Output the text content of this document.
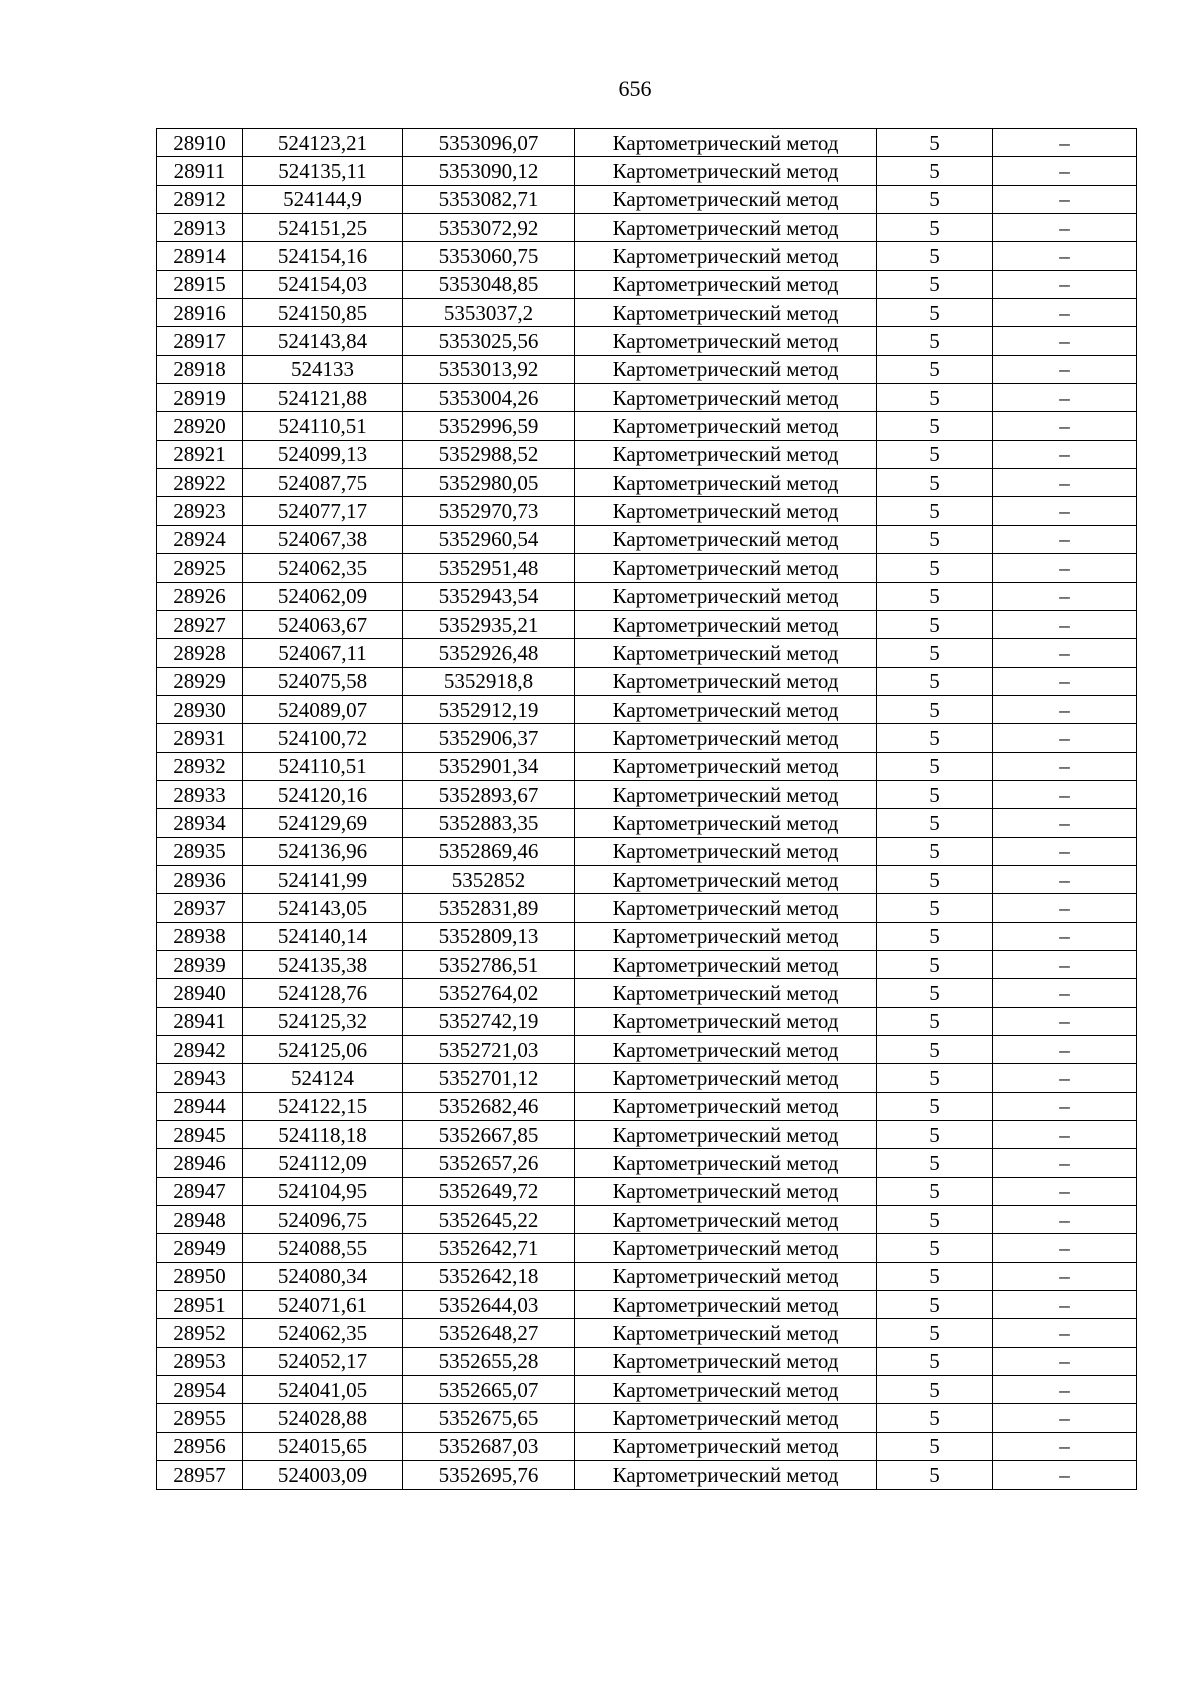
656
28910	524123,21	5353096,07	Картометрический метод	5	–
28911	524135,11	5353090,12	Картометрический метод	5	–
28912	524144,9	5353082,71	Картометрический метод	5	–
28913	524151,25	5353072,92	Картометрический метод	5	–
28914	524154,16	5353060,75	Картометрический метод	5	–
28915	524154,03	5353048,85	Картометрический метод	5	–
28916	524150,85	5353037,2	Картометрический метод	5	–
28917	524143,84	5353025,56	Картометрический метод	5	–
28918	524133	5353013,92	Картометрический метод	5	–
28919	524121,88	5353004,26	Картометрический метод	5	–
28920	524110,51	5352996,59	Картометрический метод	5	–
28921	524099,13	5352988,52	Картометрический метод	5	–
28922	524087,75	5352980,05	Картометрический метод	5	–
28923	524077,17	5352970,73	Картометрический метод	5	–
28924	524067,38	5352960,54	Картометрический метод	5	–
28925	524062,35	5352951,48	Картометрический метод	5	–
28926	524062,09	5352943,54	Картометрический метод	5	–
28927	524063,67	5352935,21	Картометрический метод	5	–
28928	524067,11	5352926,48	Картометрический метод	5	–
28929	524075,58	5352918,8	Картометрический метод	5	–
28930	524089,07	5352912,19	Картометрический метод	5	–
28931	524100,72	5352906,37	Картометрический метод	5	–
28932	524110,51	5352901,34	Картометрический метод	5	–
28933	524120,16	5352893,67	Картометрический метод	5	–
28934	524129,69	5352883,35	Картометрический метод	5	–
28935	524136,96	5352869,46	Картометрический метод	5	–
28936	524141,99	5352852	Картометрический метод	5	–
28937	524143,05	5352831,89	Картометрический метод	5	–
28938	524140,14	5352809,13	Картометрический метод	5	–
28939	524135,38	5352786,51	Картометрический метод	5	–
28940	524128,76	5352764,02	Картометрический метод	5	–
28941	524125,32	5352742,19	Картометрический метод	5	–
28942	524125,06	5352721,03	Картометрический метод	5	–
28943	524124	5352701,12	Картометрический метод	5	–
28944	524122,15	5352682,46	Картометрический метод	5	–
28945	524118,18	5352667,85	Картометрический метод	5	–
28946	524112,09	5352657,26	Картометрический метод	5	–
28947	524104,95	5352649,72	Картометрический метод	5	–
28948	524096,75	5352645,22	Картометрический метод	5	–
28949	524088,55	5352642,71	Картометрический метод	5	–
28950	524080,34	5352642,18	Картометрический метод	5	–
28951	524071,61	5352644,03	Картометрический метод	5	–
28952	524062,35	5352648,27	Картометрический метод	5	–
28953	524052,17	5352655,28	Картометрический метод	5	–
28954	524041,05	5352665,07	Картометрический метод	5	–
28955	524028,88	5352675,65	Картометрический метод	5	–
28956	524015,65	5352687,03	Картометрический метод	5	–
28957	524003,09	5352695,76	Картометрический метод	5	–
